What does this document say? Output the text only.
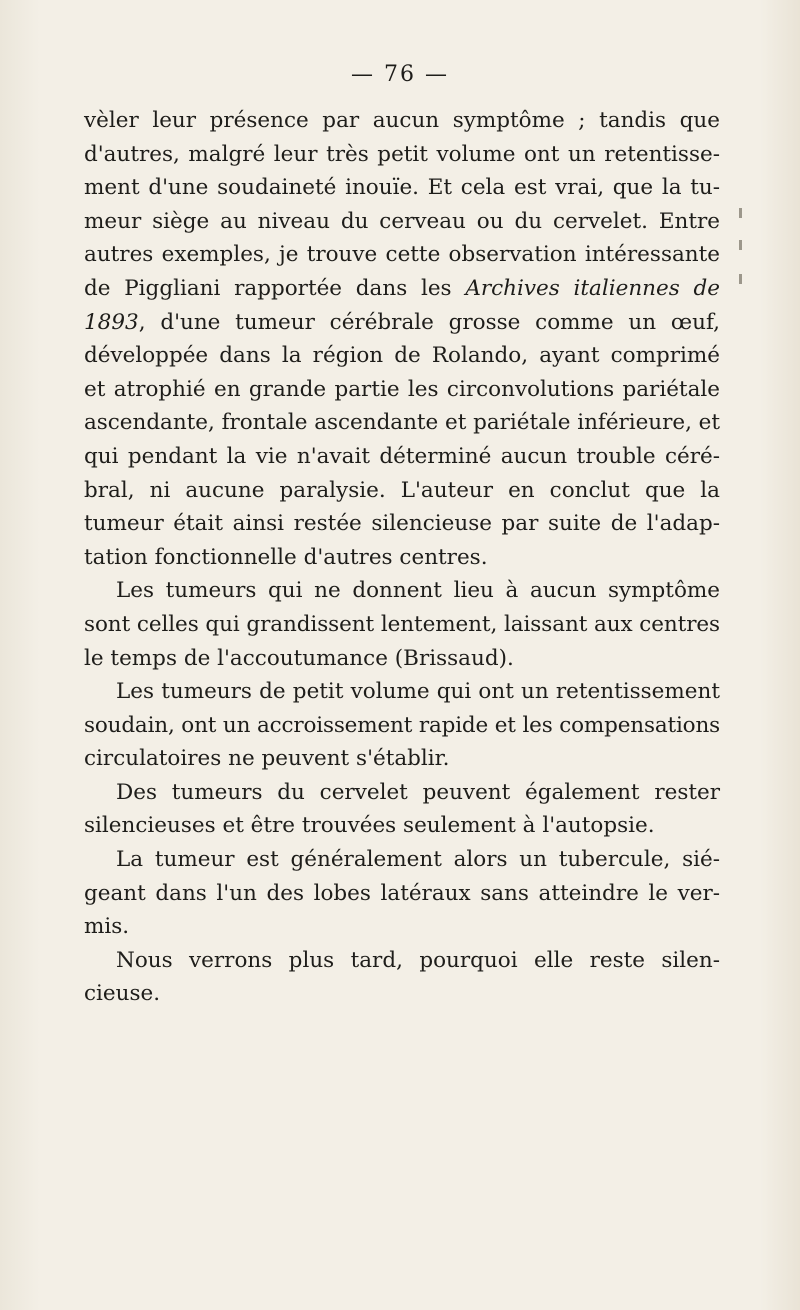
— 76 —
vèler leur présence par aucun symptôme ; tandis que
d'autres, malgré leur très petit volume ont un retentisse-
ment d'une soudaineté inouïe. Et cela est vrai, que la tu-
meur siège au niveau du cerveau ou du cervelet. Entre
autres exemples, je trouve cette observation intéressante
de Piggliani rapportée dans les Archives italiennes de
1893, d'une tumeur cérébrale grosse comme un œuf,
développée dans la région de Rolando, ayant comprimé
et atrophié en grande partie les circonvolutions pariétale
ascendante, frontale ascendante et pariétale inférieure, et
qui pendant la vie n'avait déterminé aucun trouble céré-
bral, ni aucune paralysie. L'auteur en conclut que la
tumeur était ainsi restée silencieuse par suite de l'adap-
tation fonctionnelle d'autres centres.
Les tumeurs qui ne donnent lieu à aucun symptôme
sont celles qui grandissent lentement, laissant aux centres
le temps de l'accoutumance (Brissaud).
Les tumeurs de petit volume qui ont un retentissement
soudain, ont un accroissement rapide et les compensations
circulatoires ne peuvent s'établir.
Des tumeurs du cervelet peuvent également rester
silencieuses et être trouvées seulement à l'autopsie.
La tumeur est généralement alors un tubercule, sié-
geant dans l'un des lobes latéraux sans atteindre le ver-
mis.
Nous verrons plus tard, pourquoi elle reste silen-
cieuse.
